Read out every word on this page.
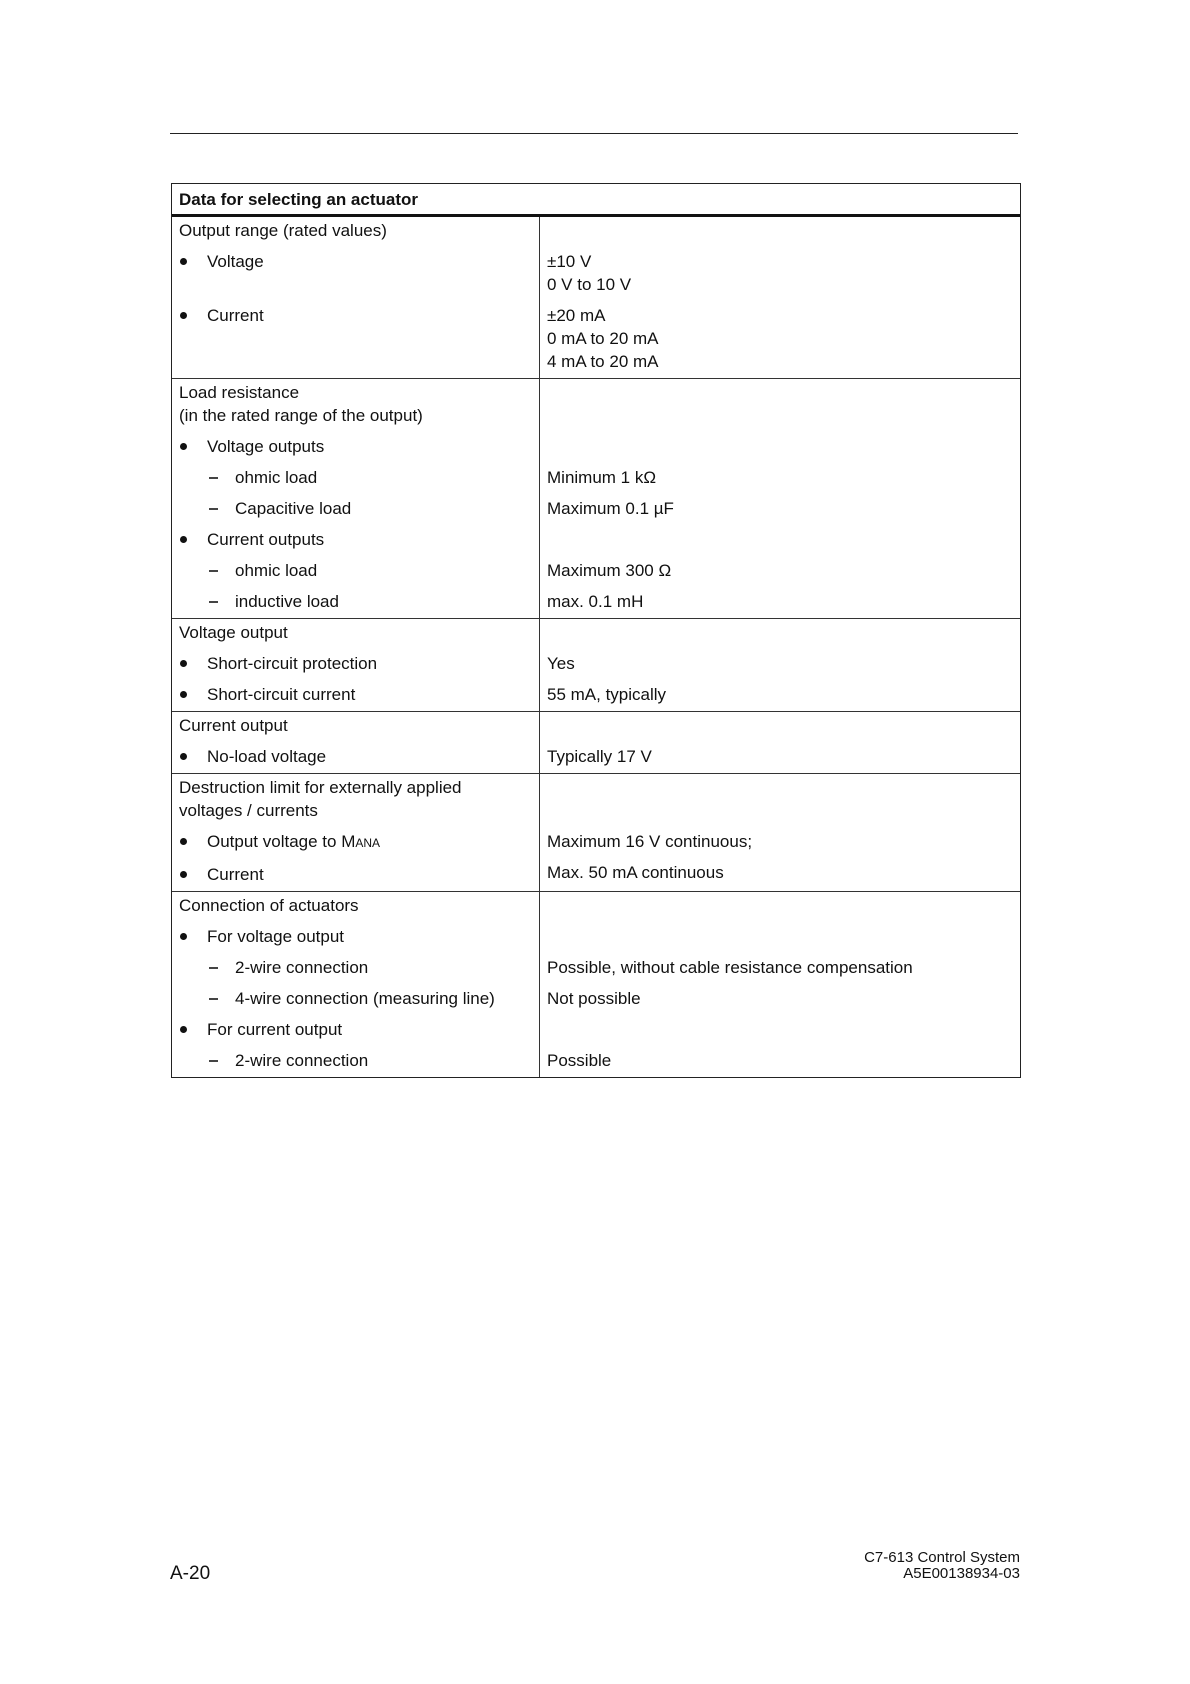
Data for selecting an actuator
Output range (rated values)
Voltage
Current
±10 V
0 V to 10 V
±20 mA
0 mA to 20 mA
4 mA to 20 mA
Load resistance
(in the rated range of the output)
Voltage outputs
ohmic load
Capacitive load
Current outputs
ohmic load
inductive load
Minimum 1 kΩ
Maximum 0.1 µF
Maximum 300 Ω
max. 0.1 mH
Voltage output
Short-circuit protection
Short-circuit current
Yes
55 mA, typically
Current output
No-load voltage	Typically 17 V
Destruction limit for externally applied
voltages / currents
Output voltage to MANA
Current
Maximum 16 V continuous;
Max. 50 mA continuous
Connection of actuators
For voltage output
2-wire connection
4-wire connection (measuring line)
For current output
2-wire connection
Possible, without cable resistance compensation
Not possible
Possible
A-20
C7-613 Control System
A5E00138934-03
